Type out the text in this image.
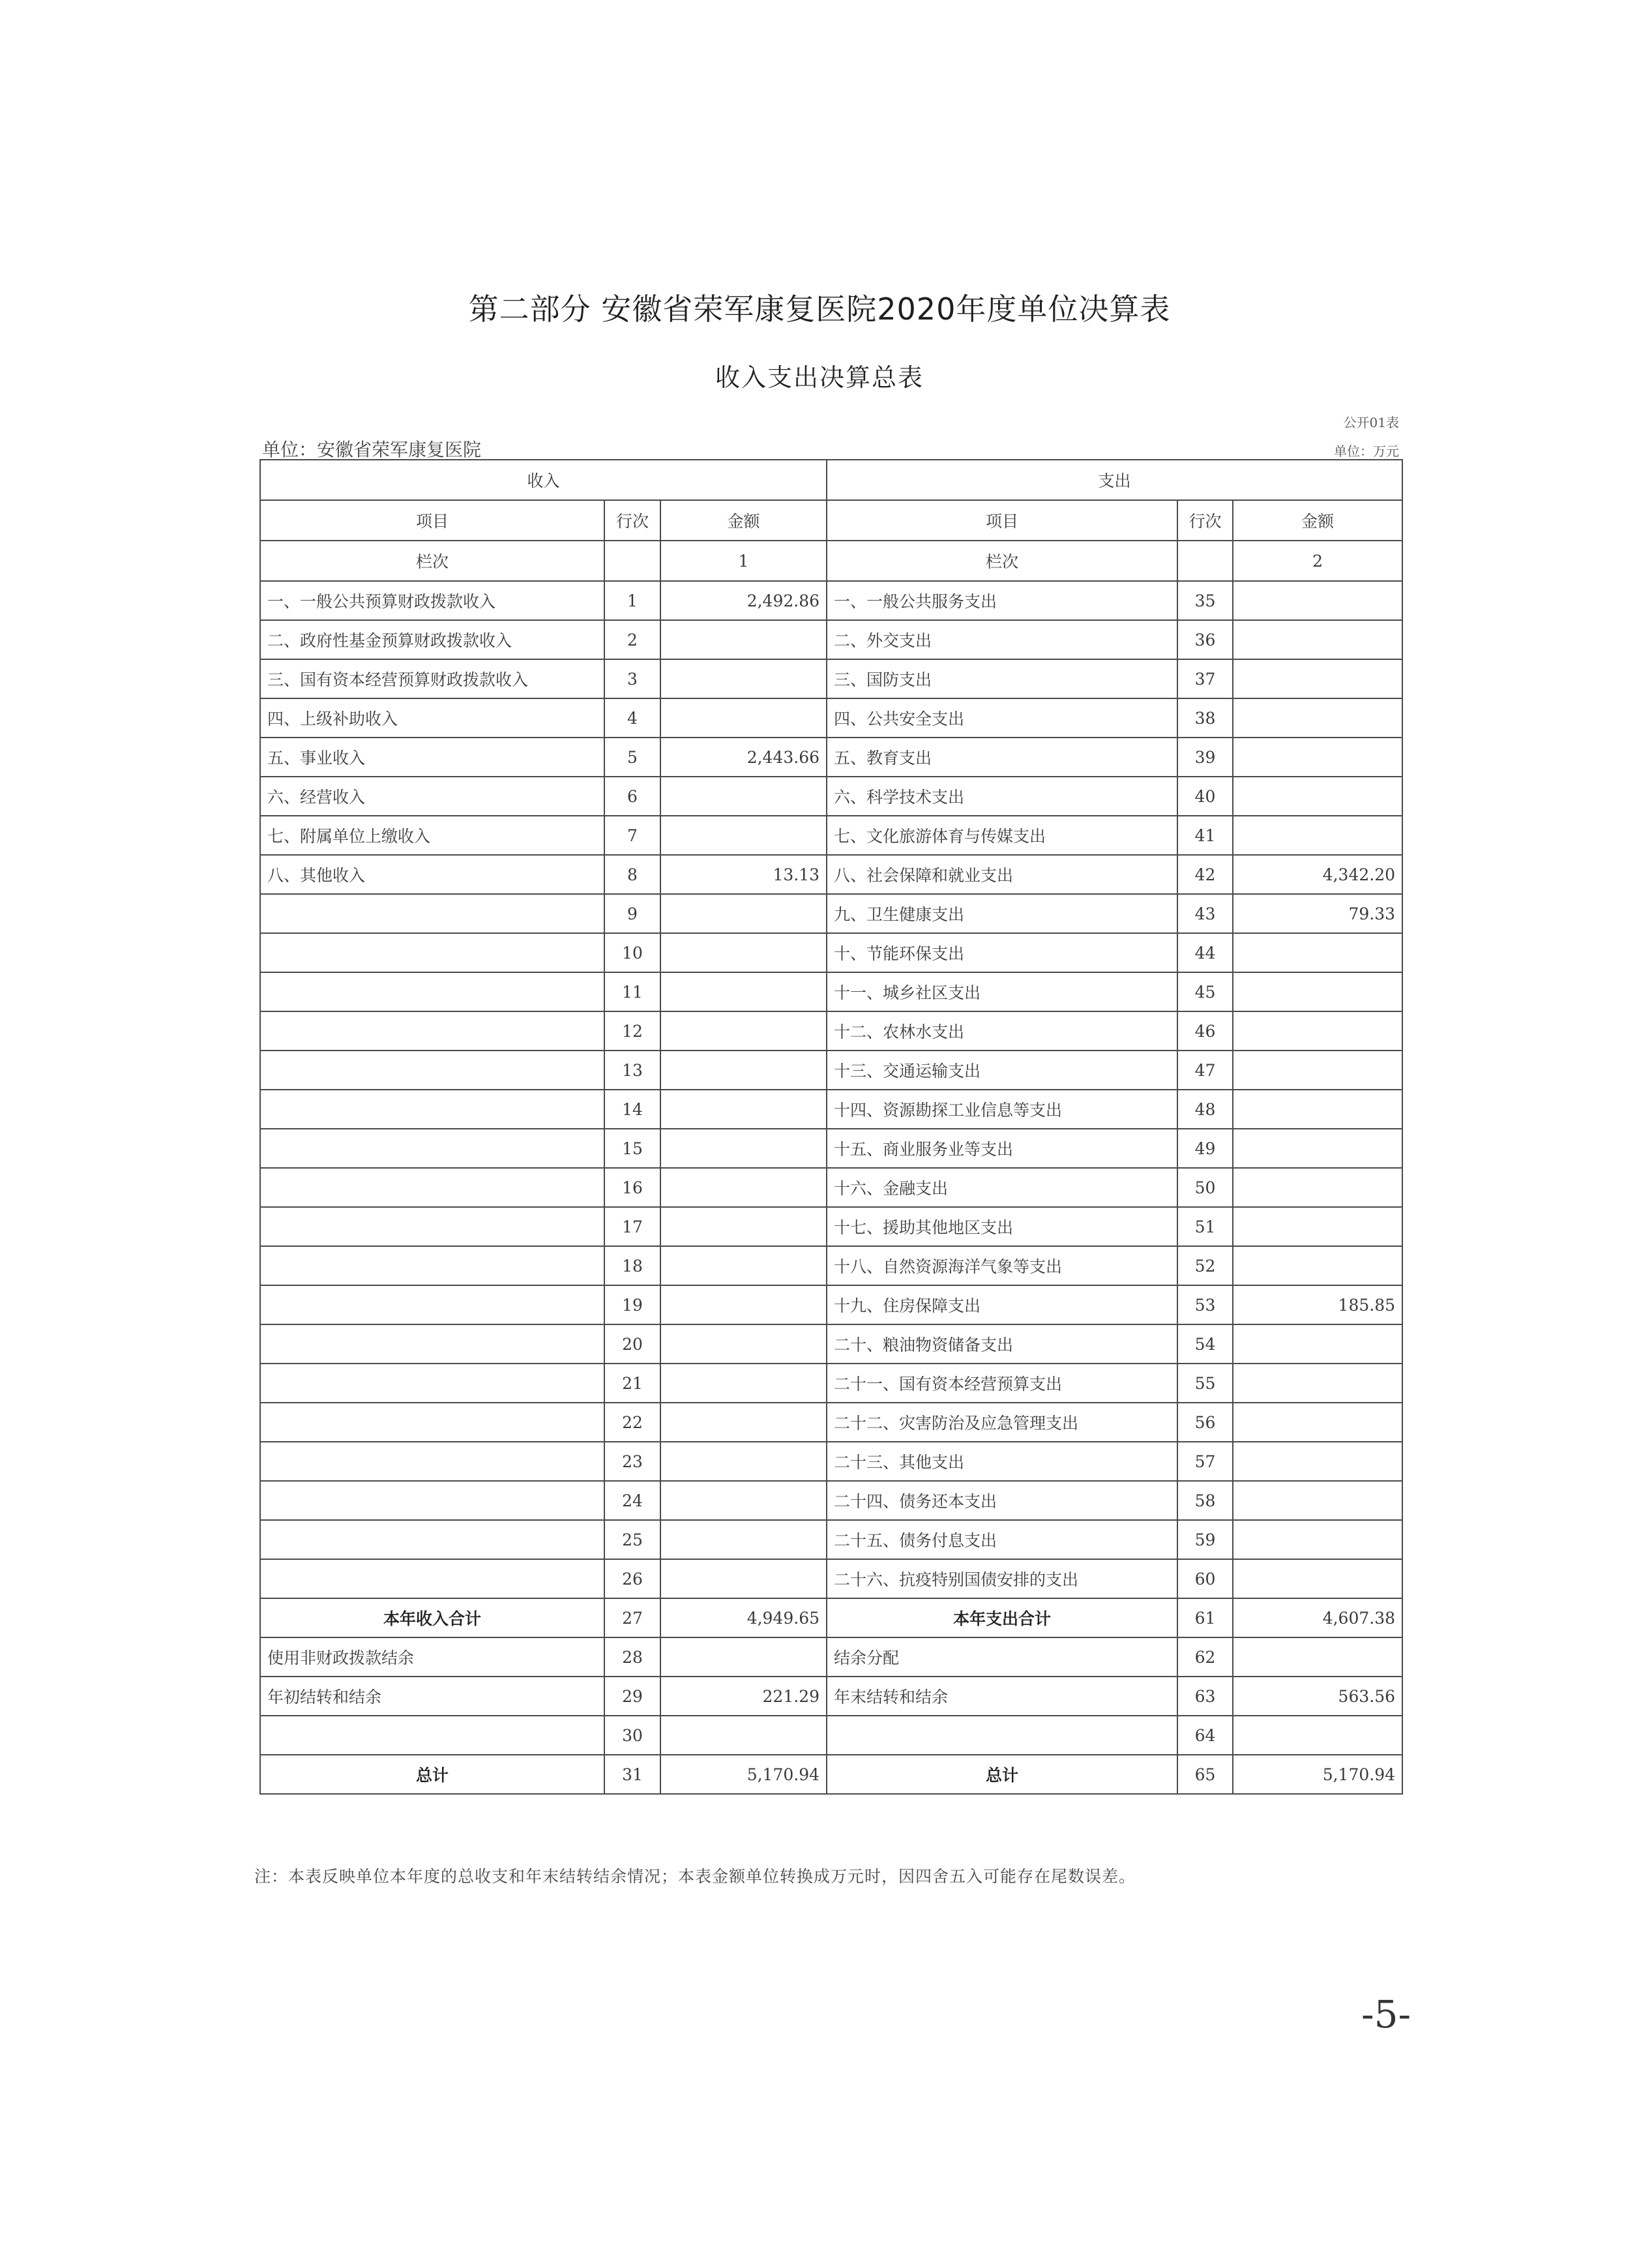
第二部分 安徽省荣军康复医院2020年度单位决算表
收入支出决算总表
公开01表
单位：安徽省荣军康复医院	单位：万元
收入			支出		
项目	行次	金额	项目	行次	金额
栏次		1	栏次		2
一、一般公共预算财政拨款收入	1	2,492.86	一、一般公共服务支出	35	
二、政府性基金预算财政拨款收入	2		二、外交支出	36	
三、国有资本经营预算财政拨款收入	3		三、国防支出	37	
四、上级补助收入	4		四、公共安全支出	38	
五、事业收入	5	2,443.66	五、教育支出	39	
六、经营收入	6		六、科学技术支出	40	
七、附属单位上缴收入	7		七、文化旅游体育与传媒支出	41	
八、其他收入	8	13.13	八、社会保障和就业支出	42	4,342.20
	9		九、卫生健康支出	43	79.33
	10		十、节能环保支出	44	
	11		十一、城乡社区支出	45	
	12		十二、农林水支出	46	
	13		十三、交通运输支出	47	
	14		十四、资源勘探工业信息等支出	48	
	15		十五、商业服务业等支出	49	
	16		十六、金融支出	50	
	17		十七、援助其他地区支出	51	
	18		十八、自然资源海洋气象等支出	52	
	19		十九、住房保障支出	53	185.85
	20		二十、粮油物资储备支出	54	
	21		二十一、国有资本经营预算支出	55	
	22		二十二、灾害防治及应急管理支出	56	
	23		二十三、其他支出	57	
	24		二十四、债务还本支出	58	
	25		二十五、债务付息支出	59	
	26		二十六、抗疫特别国债安排的支出	60	
本年收入合计	27	4,949.65	本年支出合计	61	4,607.38
使用非财政拨款结余	28		结余分配	62	
年初结转和结余	29	221.29	年末结转和结余	63	563.56
	30			64	
总计	31	5,170.94	总计	65	5,170.94
注：本表反映单位本年度的总收支和年末结转结余情况；本表金额单位转换成万元时，因四舍五入可能存在尾数误差。
-5-
